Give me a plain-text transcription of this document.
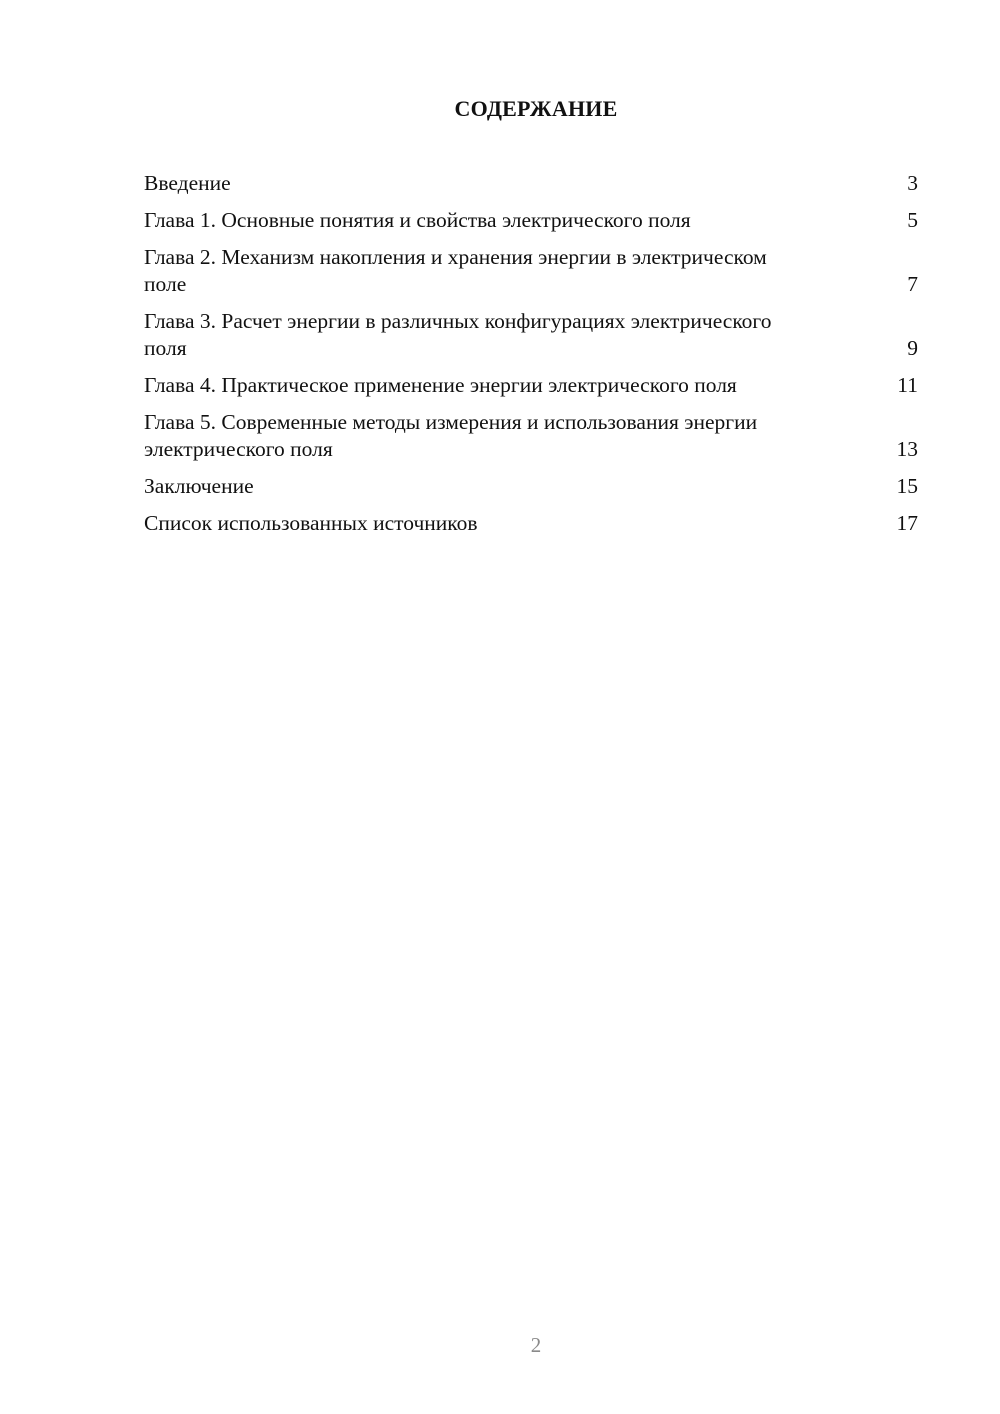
СОДЕРЖАНИЕ
Введение	3
Глава 1. Основные понятия и свойства электрического поля	5
Глава 2. Механизм накопления и хранения энергии в электрическом поле	7
Глава 3. Расчет энергии в различных конфигурациях электрического поля	9
Глава 4. Практическое применение энергии электрического поля	11
Глава 5. Современные методы измерения и использования энергии электрического поля	13
Заключение	15
Список использованных источников	17
2
